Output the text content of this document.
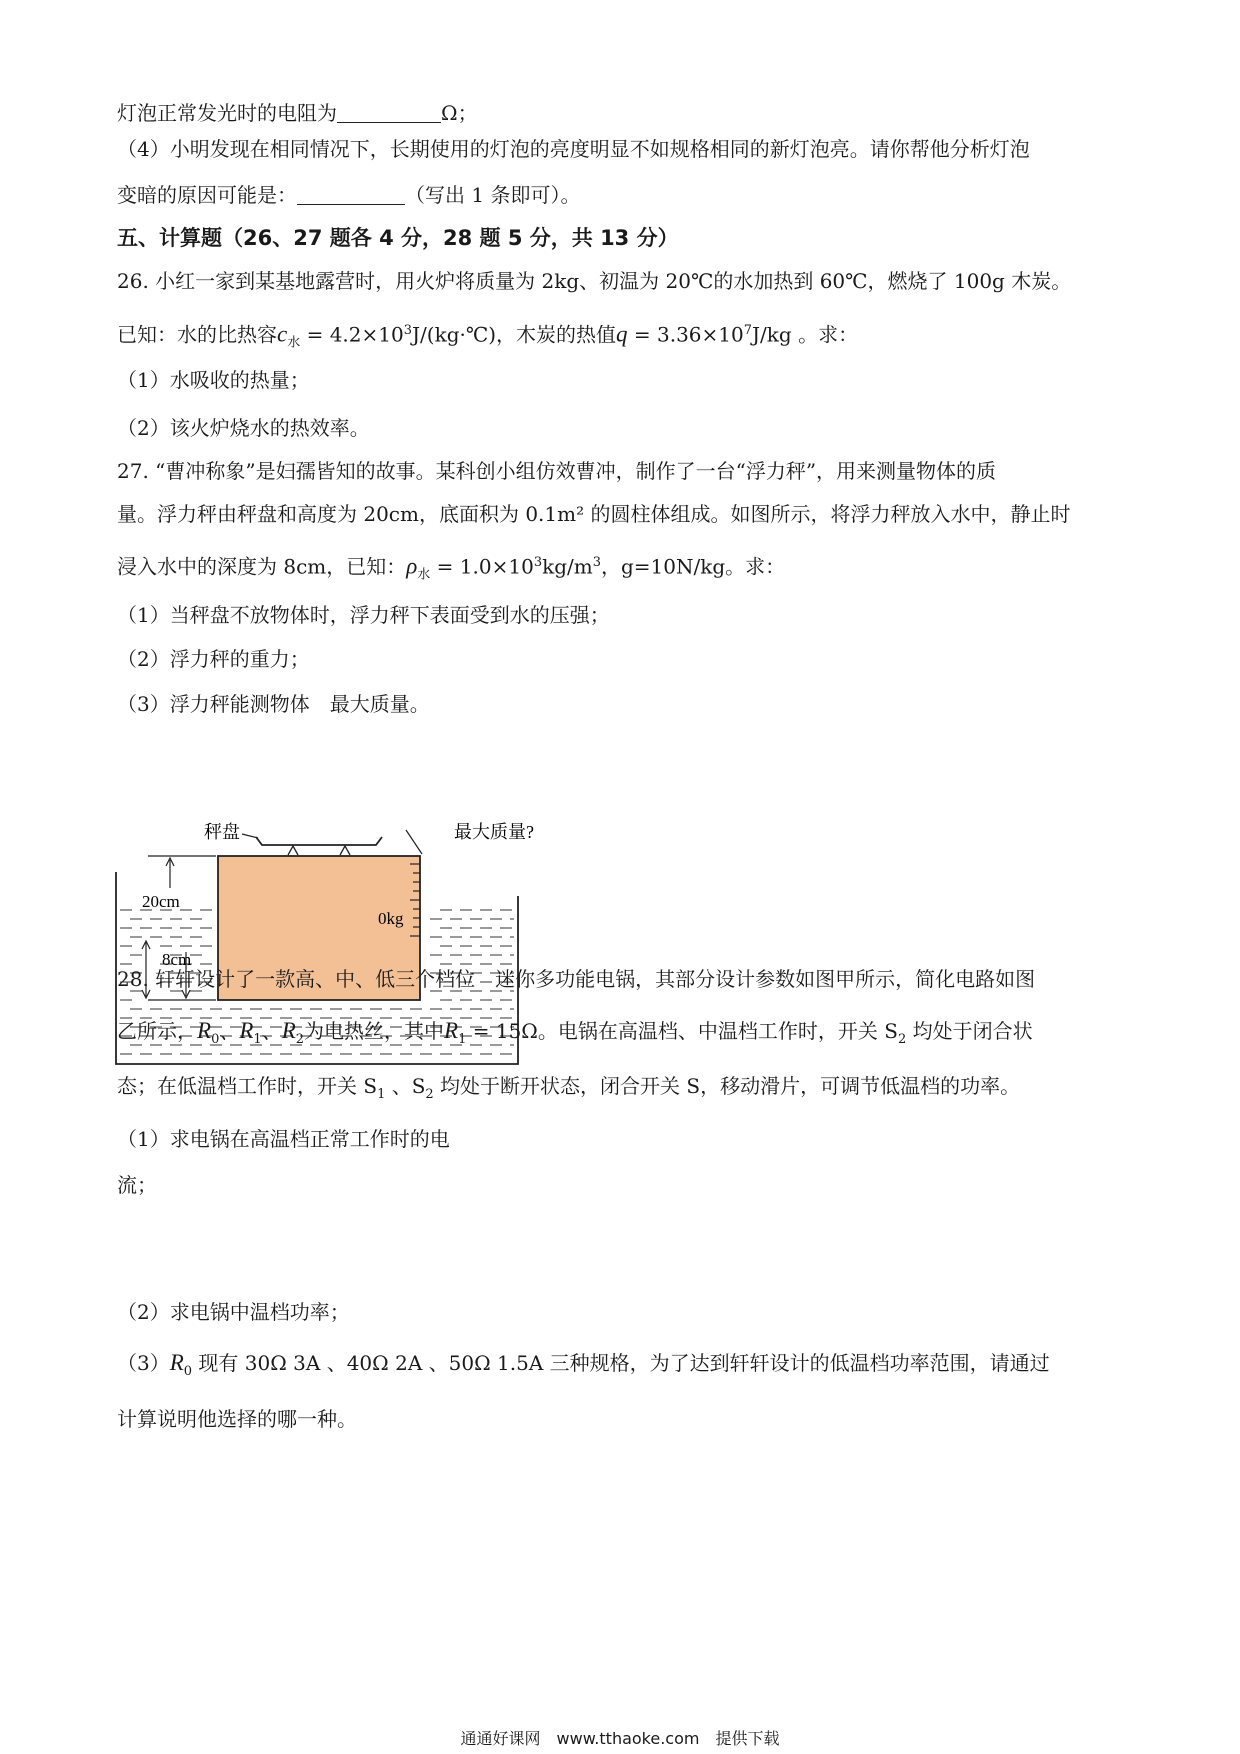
灯泡正常发光时的电阻为	Ω；
（4）小明发现在相同情况下，长期使用的灯泡的亮度明显不如规格相同的新灯泡亮。请你帮他分析灯泡
变暗的原因可能是：	（写出 1 条即可）。
五、计算题（26、27 题各 4 分，28 题 5 分，共 13 分）
26. 小红一家到某基地露营时，用火炉将质量为 2kg、初温为 20℃的水加热到 60℃，燃烧了 100g 木炭。
已知：水的比热容$c_水$ = $4.2\times 10^3J/(kg\cdot℃)$，木炭的热值$q = 3.36\times 10^7J/kg$ 。求：
（1）水吸收的热量；
（2）该火炉烧水的热效率。
27. “曹冲称象”是妇孺皆知的故事。某科创小组仿效曹冲，制作了一台“浮力秤”，用来测量物体的质
量。浮力秤由秤盘和高度为 20cm，底面积为 0.1m² 的圆柱体组成。如图所示，将浮力秤放入水中，静止时
浸入水中的深度为 8cm，已知：$\rho_水 = 1.0\times 10^3kg/m^3$，g=10N/kg。求：
（1）当秤盘不放物体时，浮力秤下表面受到水的压强；
（2）浮力秤的重力；
（3）浮力秤能测物体　最大质量。
秤盘	最大质量?
20cm
8cm
0kg
28. 轩轩设计了一款高、中、低三个档位　迷你多功能电锅，其部分设计参数如图甲所示，简化电路如图
乙所示，$R_0$、$R_1$、$R_2$为电热丝，其中$R_1 = 15\Omega$。电锅在高温档、中温档工作时，开关 $S_2$ 均处于闭合状
态；在低温档工作时，开关 $S_1$ 、$S_2$ 均处于断开状态，闭合开关 S，移动滑片，可调节低温档的功率。
（1）求电锅在高温档正常工作时的电
流；
（2）求电锅中温档功率；
$(3)R_0$ 现有 30Ω 3A 、40Ω 2A 、50Ω 1.5A 三种规格，为了达到轩轩设计的低温档功率范围，请通过
计算说明他选择的哪一种。
通通好课网　www.tthaoke.com　提供下载
